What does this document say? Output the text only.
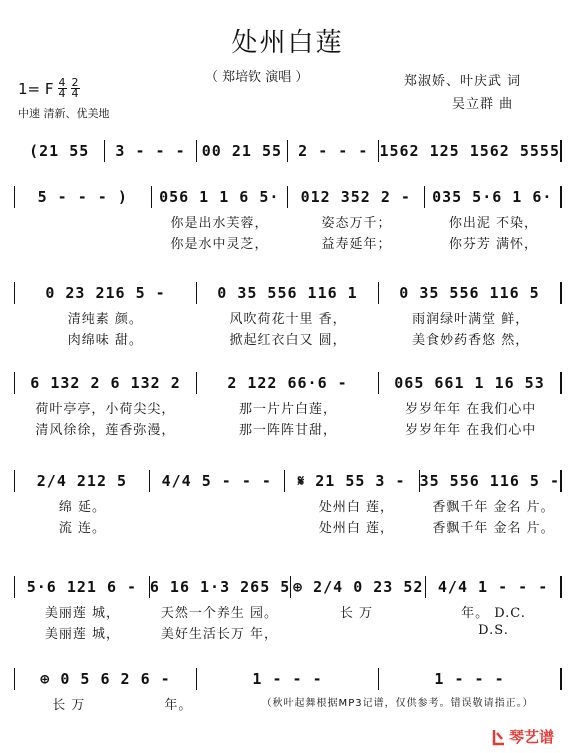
处州白莲
（ 郑培钦 演唱 ）	郑淑娇、叶庆武 词
吴立群 曲
1= F $\frac{4}{4} \frac{2}{4}$
中速 清新、优美地
(21 55	3 - - -	00 21 55	2 - - - 1562 125 1562 5555
5 - - - )	056 1 1 6 5·	012 352 2 -	035 5·6 1 6·
你是出水芙蓉，	姿态万千；	你出泥 不染，
你是水中灵芝，	益寿延年；	你芬芳 满怀，
0 23 216 5 -	0 35 556 116 1	0 35 556 116 5
清纯素 颜。	风吹荷花十里 香，	雨润绿叶满堂 鲜，
肉绵味 甜。	掀起红衣白又 圆，	美食妙药香悠 然，
6 132 2 6 132 2	2 122 66·6 -	065 661 1 16 53
荷叶亭亭，小荷尖尖，	那一片片白莲，	岁岁年年 在我们心中
清风徐徐，莲香弥漫，	那一阵阵甘甜，	岁岁年年 在我们心中
2/4 212 5	4/4 5 - - -	𝄋 21 55 3 - 35 556 116 5 -
绵 延。	处州白 莲，	香飘千年 金名 片。
流 连。	处州白 莲，	香飘千年 金名 片。
5·6 121 6 - 6 16 1·3 265 5 ⊕ 2/4 0 23 52 4/4 1 - - -
美丽莲 城，	天然一个养生 园。	长 万	年。 D.C.
美丽莲 城，	美好生活长万 年，	D.S.
⊕ 0 5 6 2 6 -	1 - - -	1 - - -
长 万	年。	（秋叶起舞根据MP3记谱，仅供参考。错误敬请指正。）
琴艺谱
